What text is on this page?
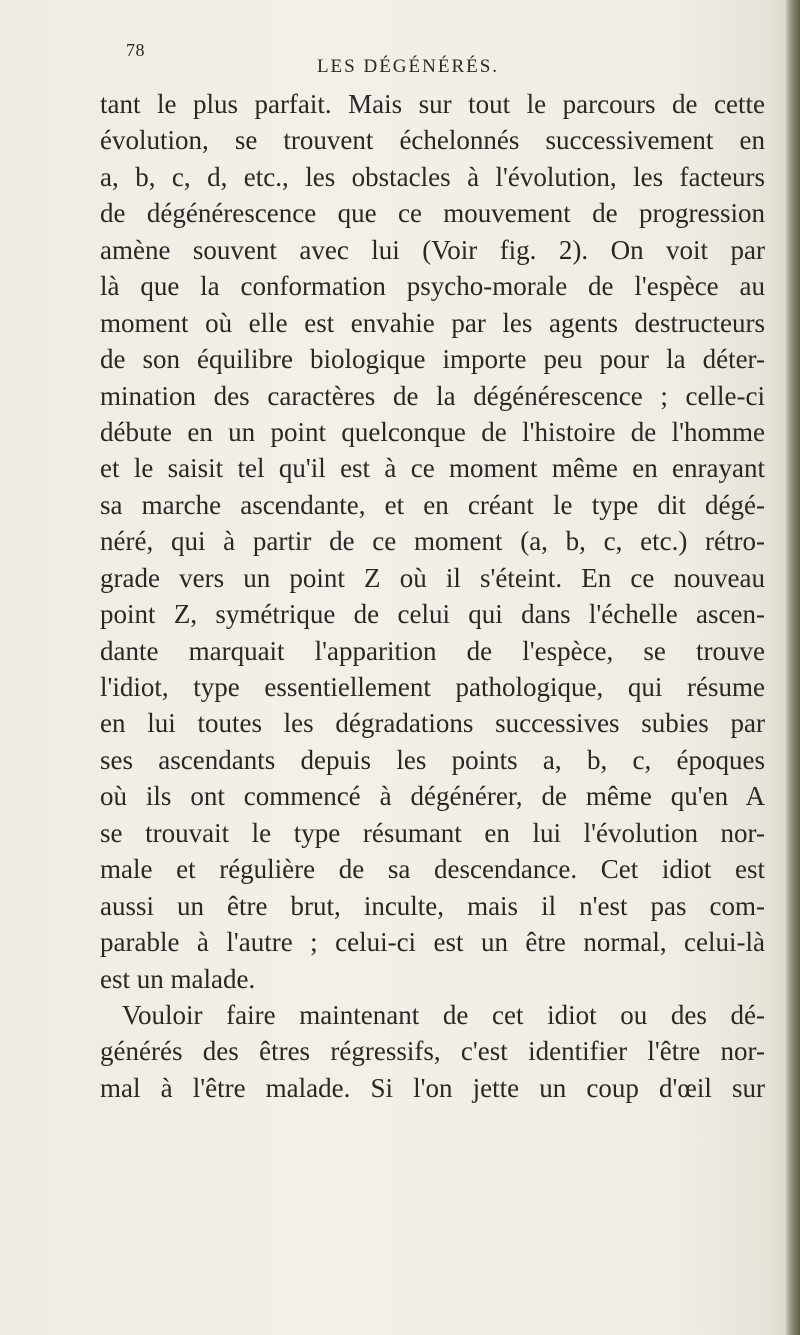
78
LES DÉGÉNÉRÉS.
tant le plus parfait. Mais sur tout le parcours de cette
évolution, se trouvent échelonnés successivement en
a, b, c, d, etc., les obstacles à l'évolution, les facteurs
de dégénérescence que ce mouvement de progression
amène souvent avec lui (Voir fig. 2). On voit par
là que la conformation psycho-morale de l'espèce au
moment où elle est envahie par les agents destructeurs
de son équilibre biologique importe peu pour la déter-
mination des caractères de la dégénérescence ; celle-ci
débute en un point quelconque de l'histoire de l'homme
et le saisit tel qu'il est à ce moment même en enrayant
sa marche ascendante, et en créant le type dit dégé-
néré, qui à partir de ce moment (a, b, c, etc.) rétro-
grade vers un point Z où il s'éteint. En ce nouveau
point Z, symétrique de celui qui dans l'échelle ascen-
dante marquait l'apparition de l'espèce, se trouve
l'idiot, type essentiellement pathologique, qui résume
en lui toutes les dégradations successives subies par
ses ascendants depuis les points a, b, c, époques
où ils ont commencé à dégénérer, de même qu'en A
se trouvait le type résumant en lui l'évolution nor-
male et régulière de sa descendance. Cet idiot est
aussi un être brut, inculte, mais il n'est pas com-
parable à l'autre ; celui-ci est un être normal, celui-là
est un malade.
Vouloir faire maintenant de cet idiot ou des dé-
générés des êtres régressifs, c'est identifier l'être nor-
mal à l'être malade. Si l'on jette un coup d'œil sur
